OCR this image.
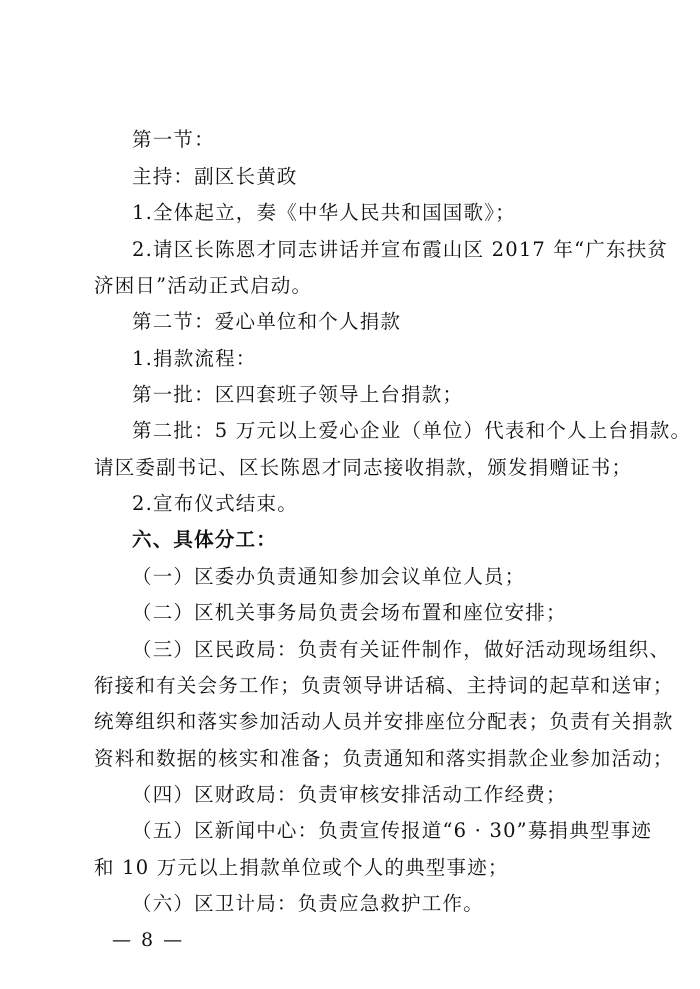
第一节：
主持：副区长黄政
1.全体起立，奏《中华人民共和国国歌》；
2.请区长陈恩才同志讲话并宣布霞山区 2017 年“广东扶贫
济困日”活动正式启动。
第二节：爱心单位和个人捐款
1.捐款流程：
第一批：区四套班子领导上台捐款；
第二批：5 万元以上爱心企业（单位）代表和个人上台捐款。
请区委副书记、区长陈恩才同志接收捐款，颁发捐赠证书；
2.宣布仪式结束。
六、具体分工：
（一）区委办负责通知参加会议单位人员；
（二）区机关事务局负责会场布置和座位安排；
（三）区民政局：负责有关证件制作，做好活动现场组织、
衔接和有关会务工作；负责领导讲话稿、主持词的起草和送审；
统筹组织和落实参加活动人员并安排座位分配表；负责有关捐款
资料和数据的核实和准备；负责通知和落实捐款企业参加活动；
（四）区财政局：负责审核安排活动工作经费；
（五）区新闻中心：负责宣传报道“6 · 30”募捐典型事迹
和 10 万元以上捐款单位或个人的典型事迹；
（六）区卫计局：负责应急救护工作。
— 8 —
